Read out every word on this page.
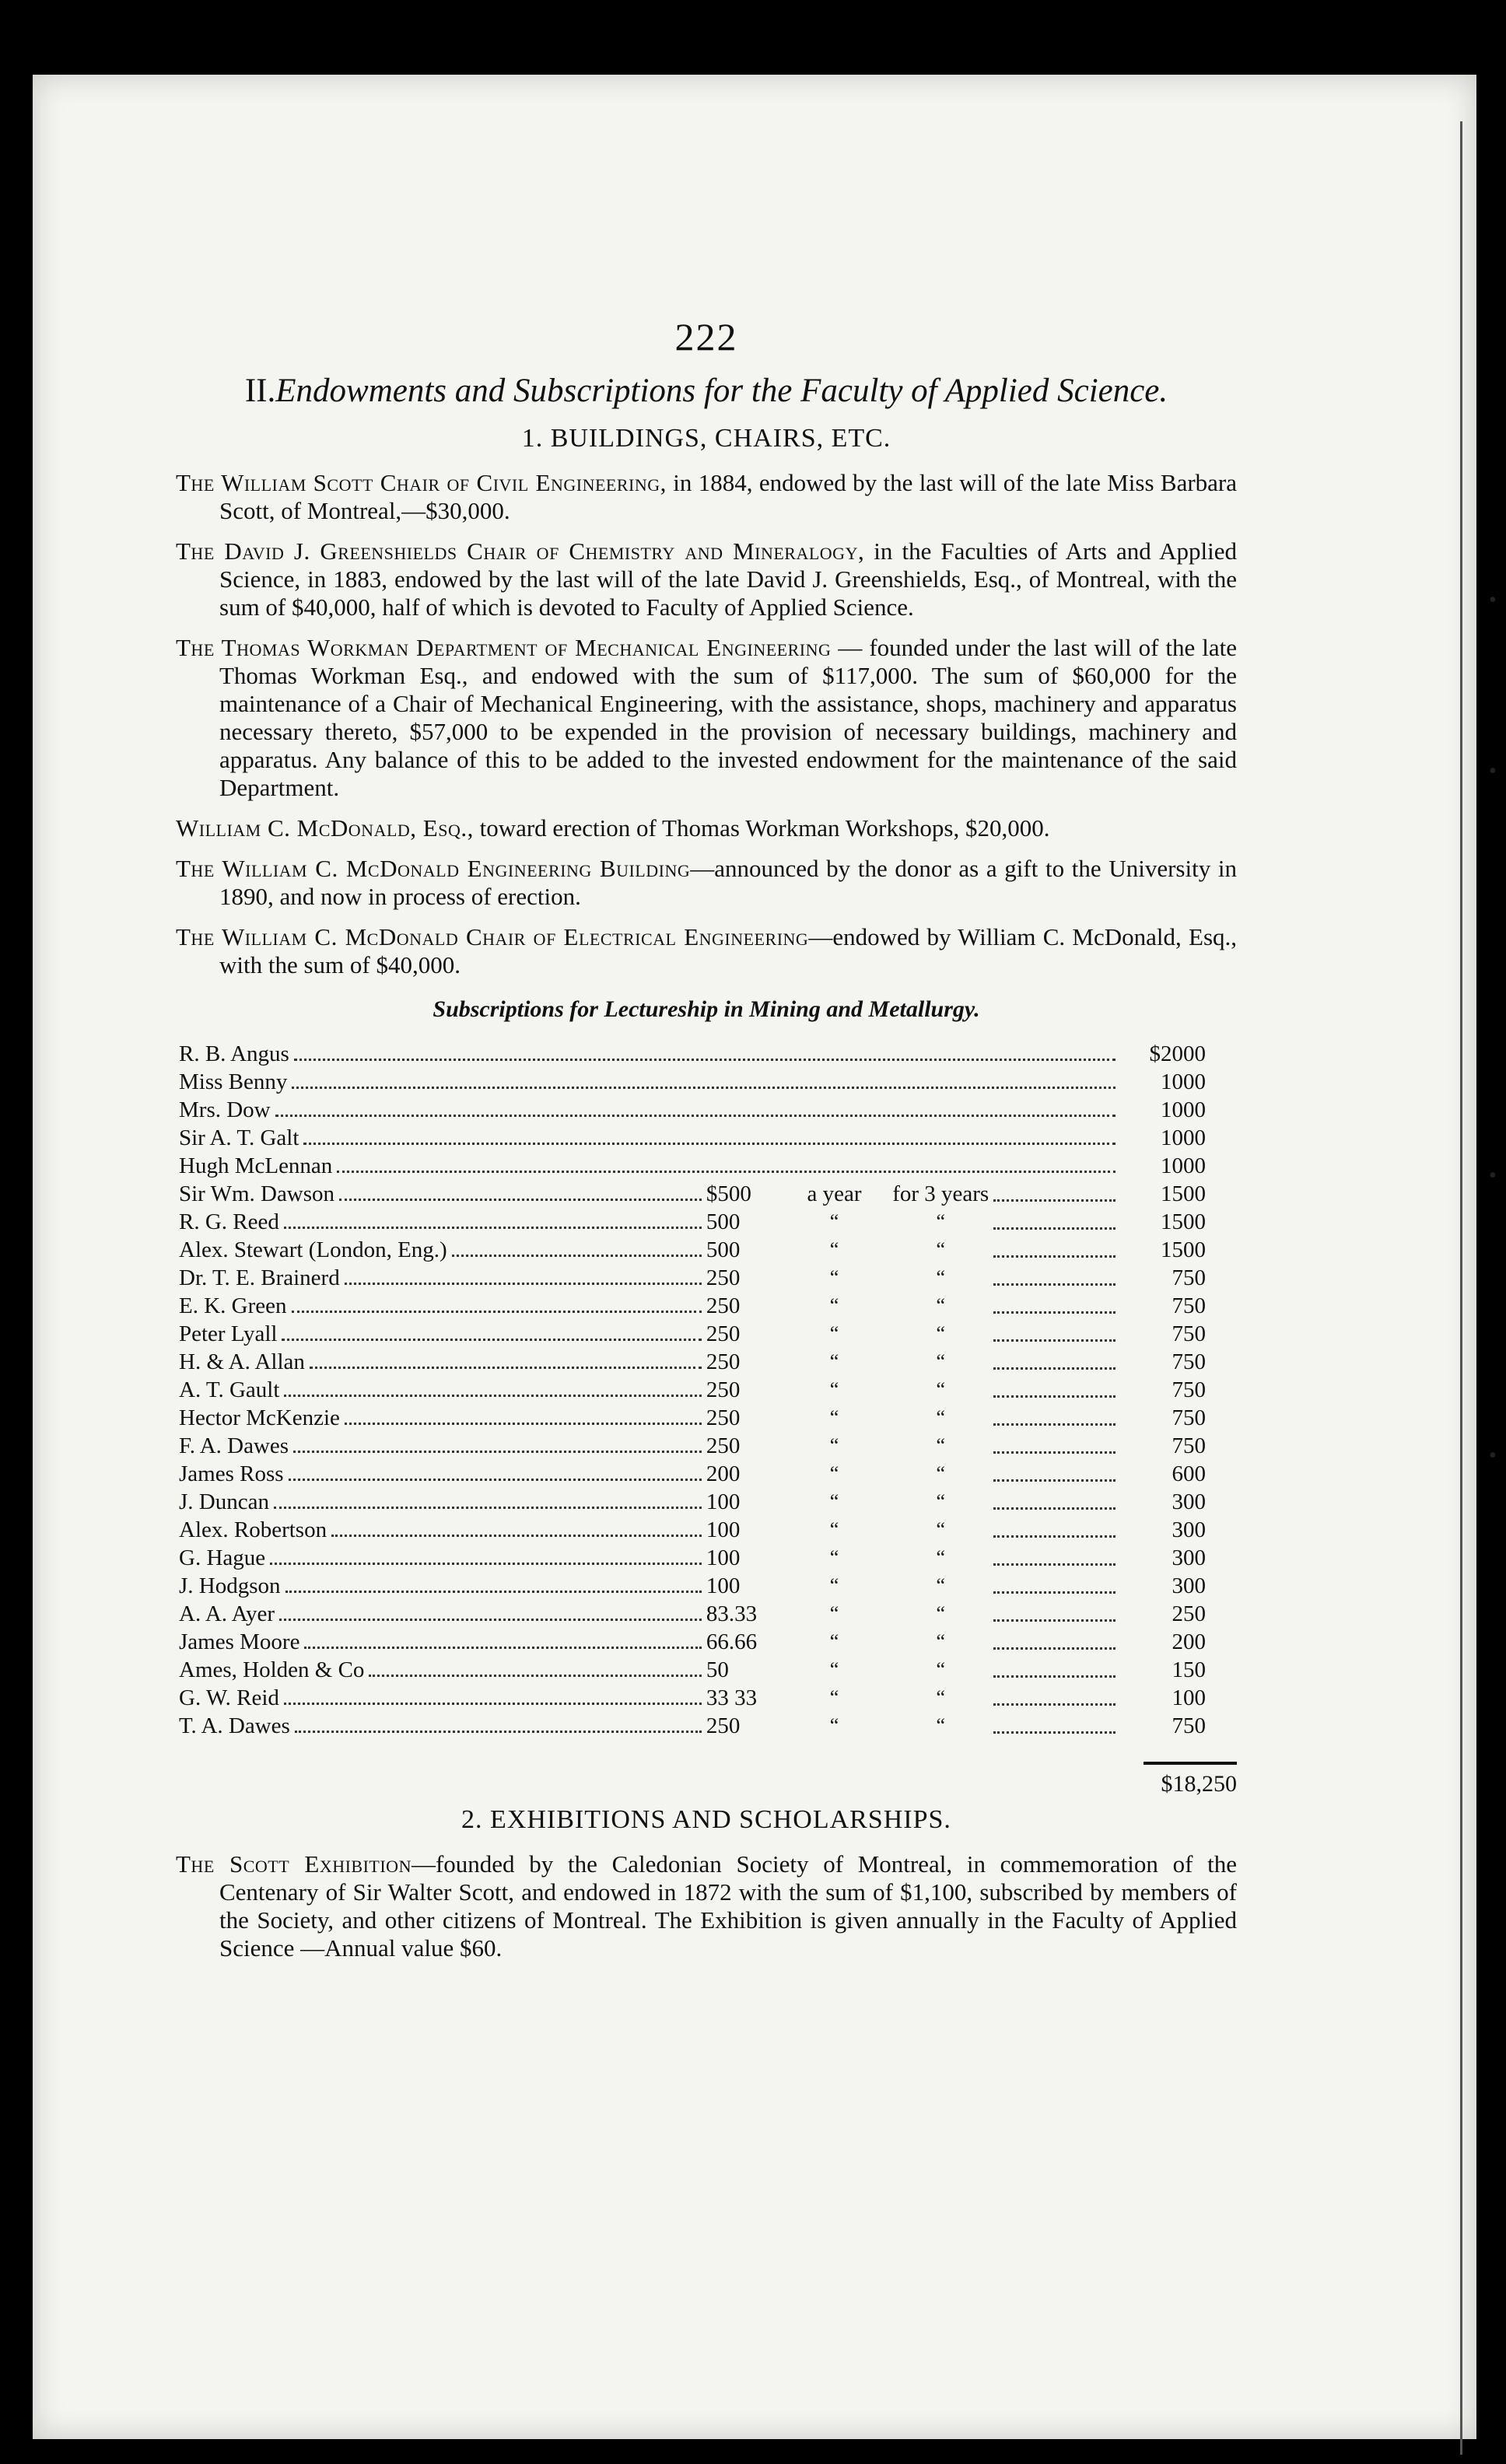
•
•
•
•
222
II.Endowments and Subscriptions for the Faculty of Applied Science.
1. BUILDINGS, CHAIRS, ETC.

The William Scott Chair of Civil Engineering, in 1884, endowed by the last will of the late Miss Barbara Scott, of Montreal,—$30,000.

The David J. Greenshields Chair of Chemistry and Mineralogy, in the Faculties of Arts and Applied Science, in 1883, endowed by the last will of the late David J. Greenshields, Esq., of Montreal, with the sum of $40,000, half of which is devoted to Faculty of Applied Science.

The Thomas Workman Department of Mechanical Engineering — founded under the last will of the late Thomas Workman Esq., and endowed with the sum of $117,000. The sum of $60,000 for the maintenance of a Chair of Mechanical Engineering, with the assistance, shops, machinery and apparatus necessary thereto, $57,000 to be expended in the provision of necessary buildings, machinery and apparatus. Any balance of this to be added to the invested endowment for the maintenance of the said Department.

William C. McDonald, Esq., toward erection of Thomas Workman Workshops, $20,000.

The William C. McDonald Engineering Building—announced by the donor as a gift to the University in 1890, and now in process of erection.

The William C. McDonald Chair of Electrical Engineering—endowed by William C. McDonald, Esq., with the sum of $40,000.

Subscriptions for Lectureship in Mining and Metallurgy.
R. B. Angus					$2000

Miss Benny					1000

Mrs. Dow					1000

Sir A. T. Galt					1000

Hugh McLennan					1000

Sir Wm. Dawson	$500	a year	for 3 years		1500

R. G. Reed	500	“	“		1500

Alex. Stewart (London, Eng.)	500	“	“		1500

Dr. T. E. Brainerd	250	“	“		750

E. K. Green	250	“	“		750

Peter Lyall	250	“	“		750

H. & A. Allan	250	“	“		750

A. T. Gault	250	“	“		750

Hector McKenzie	250	“	“		750

F. A. Dawes	250	“	“		750

James Ross	200	“	“		600

J. Duncan	100	“	“		300

Alex. Robertson	100	“	“		300

G. Hague	100	“	“		300

J. Hodgson	100	“	“		300

A. A. Ayer	83.33	“	“		250

James Moore	66.66	“	“		200

Ames, Holden & Co	50	“	“		150

G. W. Reid	33 33	“	“		100

T. A. Dawes	250	“	“		750

$18,250
2. EXHIBITIONS AND SCHOLARSHIPS.

The Scott Exhibition—founded by the Caledonian Society of Montreal, in commemoration of the Centenary of Sir Walter Scott, and endowed in 1872 with the sum of $1,100, subscribed by members of the Society, and other citizens of Montreal. The Exhibition is given annually in the Faculty of Applied Science —Annual value $60.
